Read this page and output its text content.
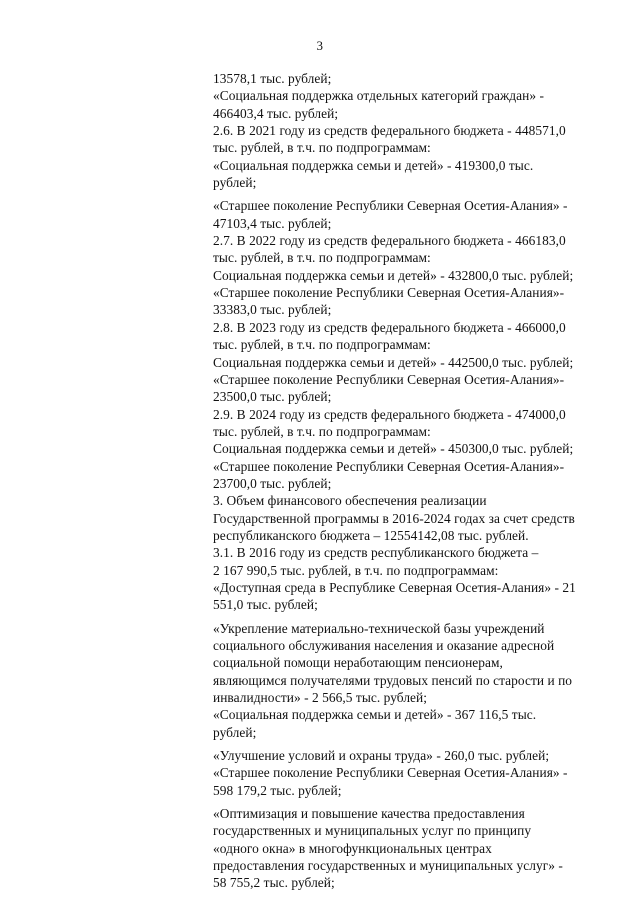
3
13578,1 тыс. рублей;
«Социальная поддержка отдельных категорий граждан» -
466403,4 тыс. рублей;
2.6. В 2021 году из средств федерального бюджета - 448571,0
тыс. рублей, в т.ч. по подпрограммам:
«Социальная поддержка семьи и детей» - 419300,0 тыс.
рублей;
«Старшее поколение Республики Северная Осетия-Алания» -
47103,4 тыс. рублей;
2.7. В 2022 году из средств федерального бюджета - 466183,0
тыс. рублей, в т.ч. по подпрограммам:
Социальная поддержка семьи и детей» - 432800,0 тыс. рублей;
«Старшее поколение Республики Северная Осетия-Алания»-
33383,0 тыс. рублей;
2.8. В 2023 году из средств федерального бюджета - 466000,0
тыс. рублей, в т.ч. по подпрограммам:
Социальная поддержка семьи и детей» - 442500,0 тыс. рублей;
«Старшее поколение Республики Северная Осетия-Алания»-
23500,0 тыс. рублей;
2.9. В 2024 году из средств федерального бюджета - 474000,0
тыс. рублей, в т.ч. по подпрограммам:
Социальная поддержка семьи и детей» - 450300,0 тыс. рублей;
«Старшее поколение Республики Северная Осетия-Алания»-
23700,0 тыс. рублей;
3. Объем финансового обеспечения реализации
Государственной программы в 2016-2024 годах за счет средств
республиканского бюджета – 12554142,08 тыс. рублей.
3.1. В 2016 году из средств республиканского бюджета –
2 167 990,5 тыс. рублей, в т.ч. по подпрограммам:
«Доступная среда в Республике Северная Осетия-Алания» - 21
551,0 тыс. рублей;
«Укрепление материально-технической базы учреждений
социального обслуживания населения и оказание адресной
социальной помощи неработающим пенсионерам,
являющимся получателями трудовых пенсий по старости и по
инвалидности» - 2 566,5 тыс. рублей;
«Социальная поддержка семьи и детей» - 367 116,5 тыс.
рублей;
«Улучшение условий и охраны труда» - 260,0 тыс. рублей;
«Старшее поколение Республики Северная Осетия-Алания» -
598 179,2 тыс. рублей;
«Оптимизация и повышение качества предоставления
государственных и муниципальных услуг по принципу
«одного окна» в многофункциональных центрах
предоставления государственных и муниципальных услуг» -
58 755,2 тыс. рублей;
